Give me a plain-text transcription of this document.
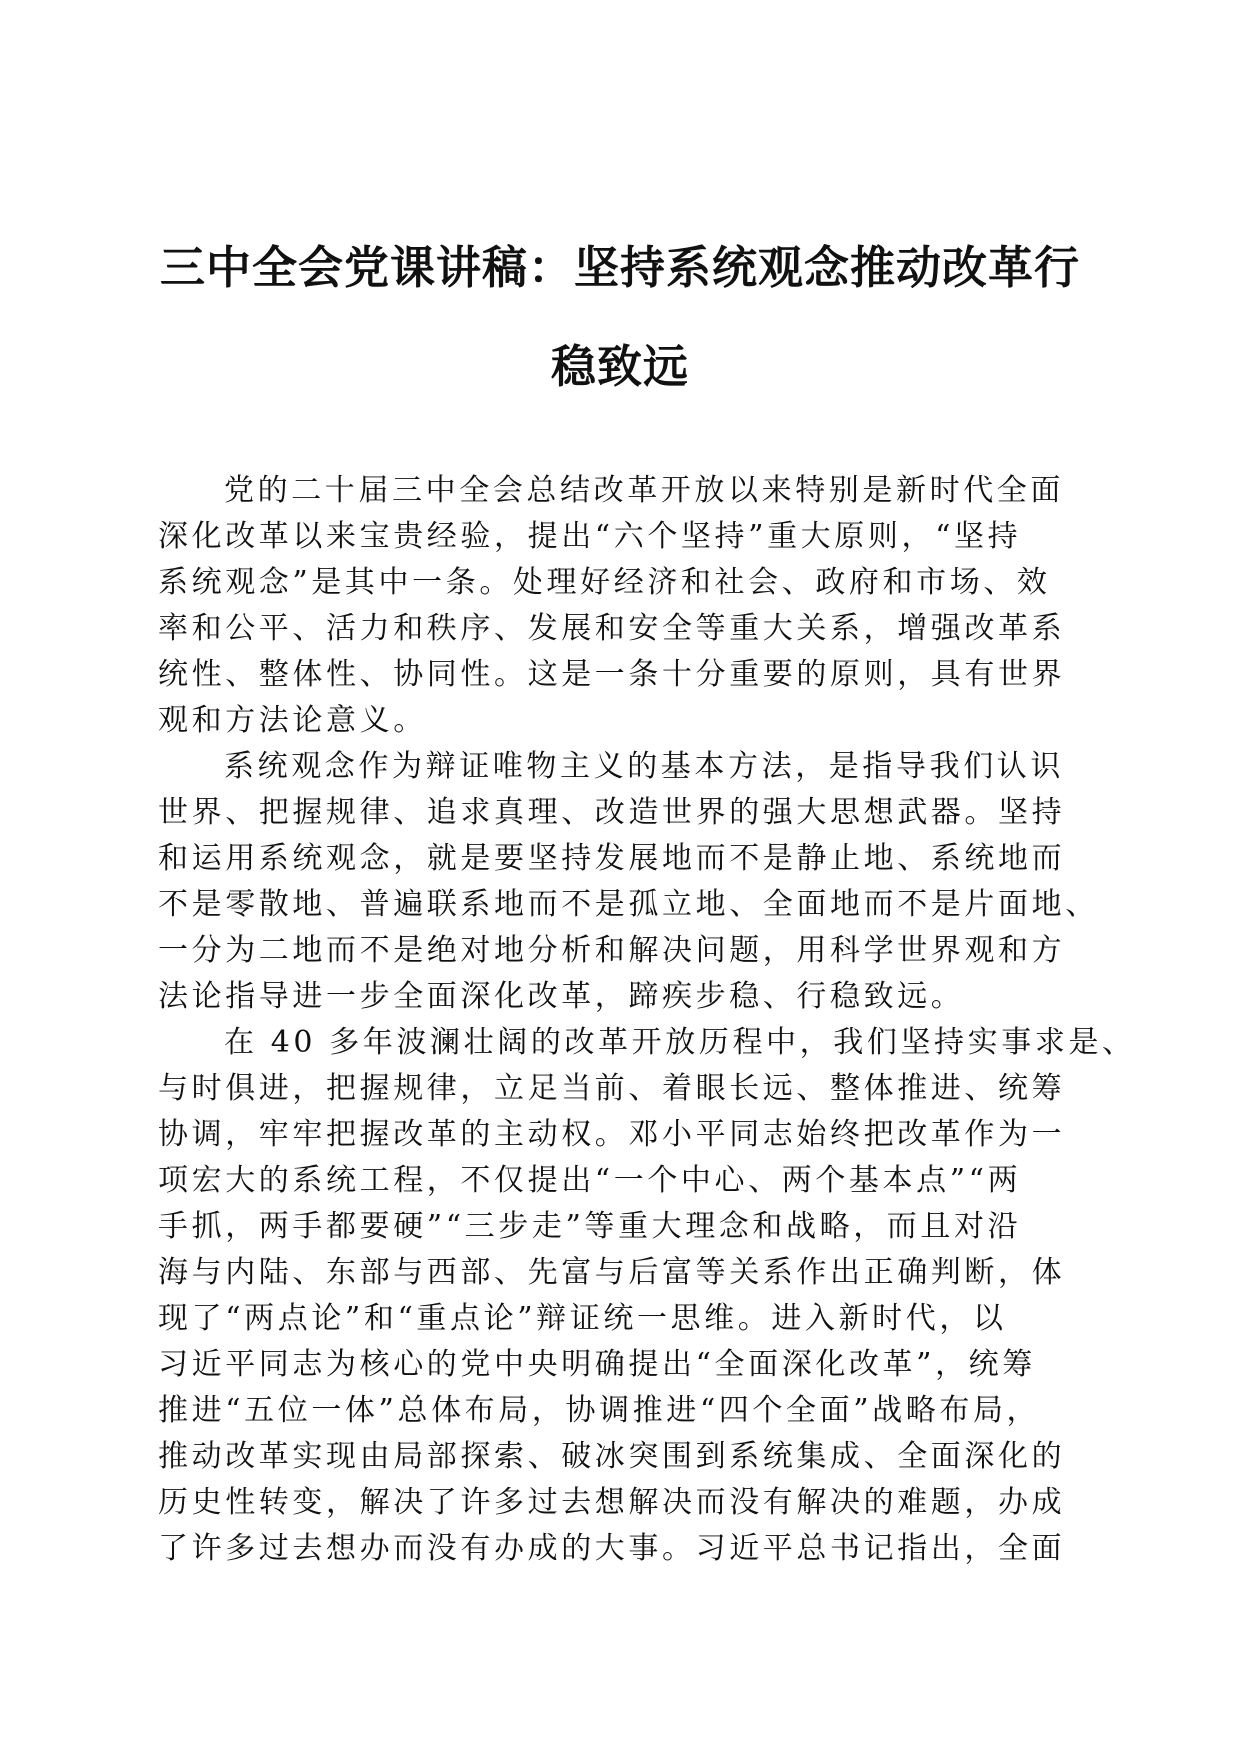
三中全会党课讲稿：坚持系统观念推动改革行
稳致远
党的二十届三中全会总结改革开放以来特别是新时代全面
深化改革以来宝贵经验，提出“六个坚持”重大原则，“坚持
系统观念”是其中一条。处理好经济和社会、政府和市场、效
率和公平、活力和秩序、发展和安全等重大关系，增强改革系
统性、整体性、协同性。这是一条十分重要的原则，具有世界
观和方法论意义。
系统观念作为辩证唯物主义的基本方法，是指导我们认识
世界、把握规律、追求真理、改造世界的强大思想武器。坚持
和运用系统观念，就是要坚持发展地而不是静止地、系统地而
不是零散地、普遍联系地而不是孤立地、全面地而不是片面地、
一分为二地而不是绝对地分析和解决问题，用科学世界观和方
法论指导进一步全面深化改革，蹄疾步稳、行稳致远。
在 40 多年波澜壮阔的改革开放历程中，我们坚持实事求是、
与时俱进，把握规律，立足当前、着眼长远、整体推进、统筹
协调，牢牢把握改革的主动权。邓小平同志始终把改革作为一
项宏大的系统工程，不仅提出“一个中心、两个基本点”“两
手抓，两手都要硬”“三步走”等重大理念和战略，而且对沿
海与内陆、东部与西部、先富与后富等关系作出正确判断，体
现了“两点论”和“重点论”辩证统一思维。进入新时代，以
习近平同志为核心的党中央明确提出“全面深化改革”，统筹
推进“五位一体”总体布局，协调推进“四个全面”战略布局，
推动改革实现由局部探索、破冰突围到系统集成、全面深化的
历史性转变，解决了许多过去想解决而没有解决的难题，办成
了许多过去想办而没有办成的大事。习近平总书记指出，全面
